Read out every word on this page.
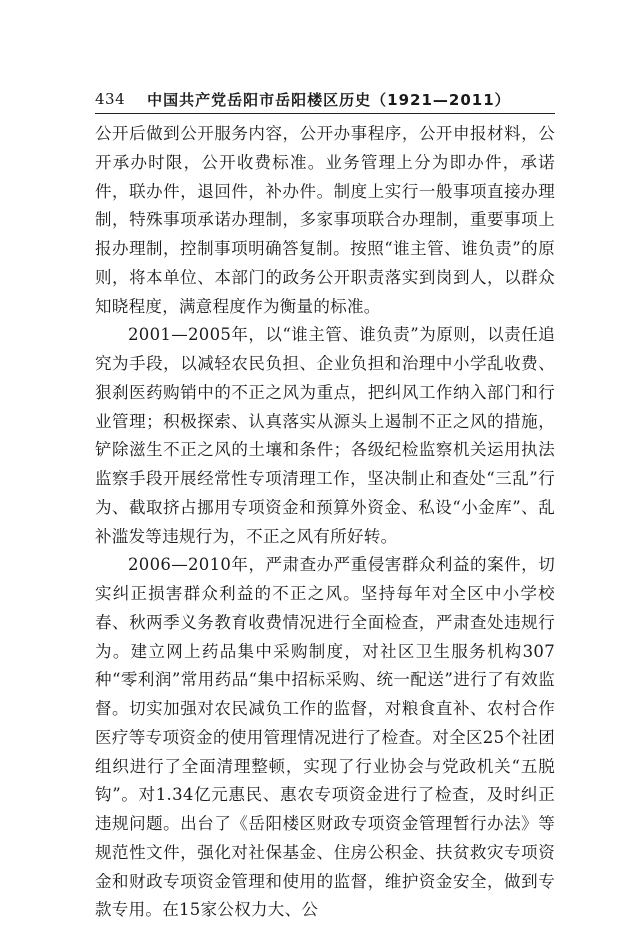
434 中国共产党岳阳市岳阳楼区历史（1921—2011）

公开后做到公开服务内容，公开办事程序，公开申报材料，公开承办时限，公开收费标准。业务管理上分为即办件，承诺件，联办件，退回件，补办件。制度上实行一般事项直接办理制，特殊事项承诺办理制，多家事项联合办理制，重要事项上报办理制，控制事项明确答复制。按照“谁主管、谁负责”的原则，将本单位、本部门的政务公开职责落实到岗到人，以群众知晓程度，满意程度作为衡量的标准。

2001—2005年，以“谁主管、谁负责”为原则，以责任追究为手段，以减轻农民负担、企业负担和治理中小学乱收费、狠刹医药购销中的不正之风为重点，把纠风工作纳入部门和行业管理；积极探索、认真落实从源头上遏制不正之风的措施，铲除滋生不正之风的土壤和条件；各级纪检监察机关运用执法监察手段开展经常性专项清理工作，坚决制止和查处“三乱”行为、截取挤占挪用专项资金和预算外资金、私设“小金库”、乱补滥发等违规行为，不正之风有所好转。

2006—2010年，严肃查办严重侵害群众利益的案件，切实纠正损害群众利益的不正之风。坚持每年对全区中小学校春、秋两季义务教育收费情况进行全面检查，严肃查处违规行为。建立网上药品集中采购制度，对社区卫生服务机构307种“零利润”常用药品“集中招标采购、统一配送”进行了有效监督。切实加强对农民减负工作的监督，对粮食直补、农村合作医疗等专项资金的使用管理情况进行了检查。对全区25个社团组织进行了全面清理整顿，实现了行业协会与党政机关“五脱钩”。对1.34亿元惠民、惠农专项资金进行了检查，及时纠正违规问题。出台了《岳阳楼区财政专项资金管理暂行办法》等规范性文件，强化对社保基金、住房公积金、扶贫救灾专项资金和财政专项资金管理和使用的监督，维护资金安全，做到专款专用。在15家公权力大、公
